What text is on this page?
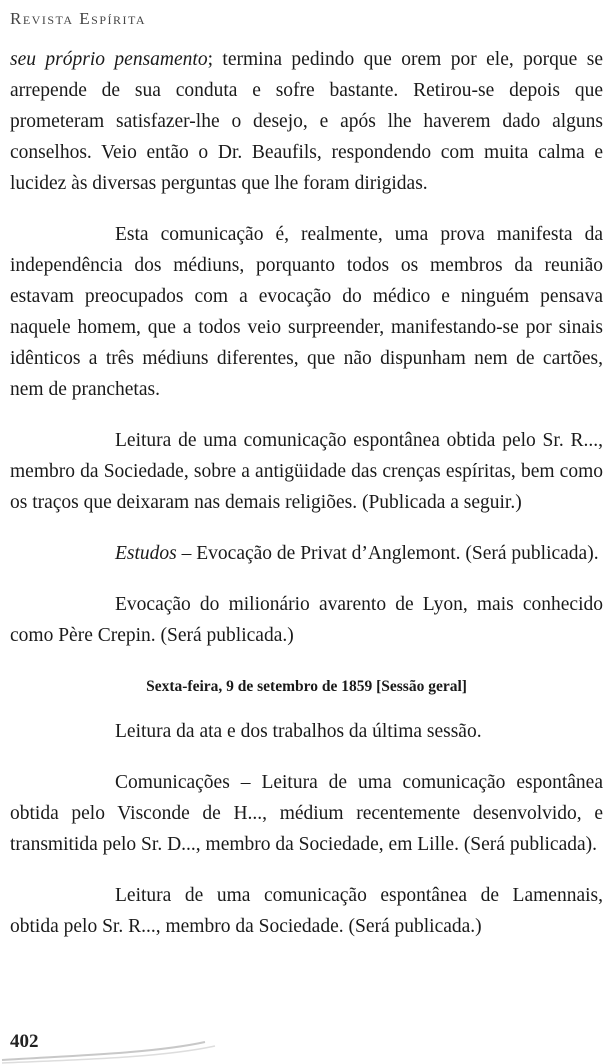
Revista Espírita

seu próprio pensamento; termina pedindo que orem por ele, porque se arrepende de sua conduta e sofre bastante. Retirou-se depois que prometeram satisfazer-lhe o desejo, e após lhe haverem dado alguns conselhos. Veio então o Dr. Beaufils, respondendo com muita calma e lucidez às diversas perguntas que lhe foram dirigidas.

Esta comunicação é, realmente, uma prova manifesta da independência dos médiuns, porquanto todos os membros da reunião estavam preocupados com a evocação do médico e ninguém pensava naquele homem, que a todos veio surpreender, manifestando-se por sinais idênticos a três médiuns diferentes, que não dispunham nem de cartões, nem de pranchetas.

Leitura de uma comunicação espontânea obtida pelo Sr. R..., membro da Sociedade, sobre a antigüidade das crenças espíritas, bem como os traços que deixaram nas demais religiões. (Publicada a seguir.)

Estudos – Evocação de Privat d’Anglemont. (Será publicada).

Evocação do milionário avarento de Lyon, mais conhecido como Père Crepin. (Será publicada.)

Sexta-feira, 9 de setembro de 1859 [Sessão geral]

Leitura da ata e dos trabalhos da última sessão.

Comunicações – Leitura de uma comunicação espontânea obtida pelo Visconde de H..., médium recentemente desenvolvido, e transmitida pelo Sr. D..., membro da Sociedade, em Lille. (Será publicada).

Leitura de uma comunicação espontânea de Lamennais, obtida pelo Sr. R..., membro da Sociedade. (Será publicada.)

402
